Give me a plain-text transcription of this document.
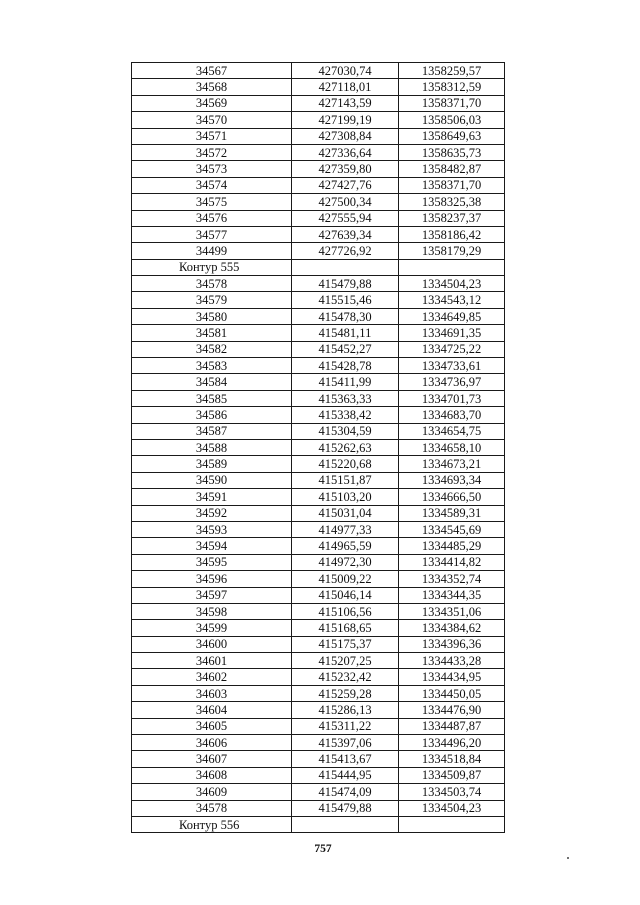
34567	427030,74	1358259,57
34568	427118,01	1358312,59
34569	427143,59	1358371,70
34570	427199,19	1358506,03
34571	427308,84	1358649,63
34572	427336,64	1358635,73
34573	427359,80	1358482,87
34574	427427,76	1358371,70
34575	427500,34	1358325,38
34576	427555,94	1358237,37
34577	427639,34	1358186,42
34499	427726,92	1358179,29
Контур 555		
34578	415479,88	1334504,23
34579	415515,46	1334543,12
34580	415478,30	1334649,85
34581	415481,11	1334691,35
34582	415452,27	1334725,22
34583	415428,78	1334733,61
34584	415411,99	1334736,97
34585	415363,33	1334701,73
34586	415338,42	1334683,70
34587	415304,59	1334654,75
34588	415262,63	1334658,10
34589	415220,68	1334673,21
34590	415151,87	1334693,34
34591	415103,20	1334666,50
34592	415031,04	1334589,31
34593	414977,33	1334545,69
34594	414965,59	1334485,29
34595	414972,30	1334414,82
34596	415009,22	1334352,74
34597	415046,14	1334344,35
34598	415106,56	1334351,06
34599	415168,65	1334384,62
34600	415175,37	1334396,36
34601	415207,25	1334433,28
34602	415232,42	1334434,95
34603	415259,28	1334450,05
34604	415286,13	1334476,90
34605	415311,22	1334487,87
34606	415397,06	1334496,20
34607	415413,67	1334518,84
34608	415444,95	1334509,87
34609	415474,09	1334503,74
34578	415479,88	1334504,23
Контур 556		
757
